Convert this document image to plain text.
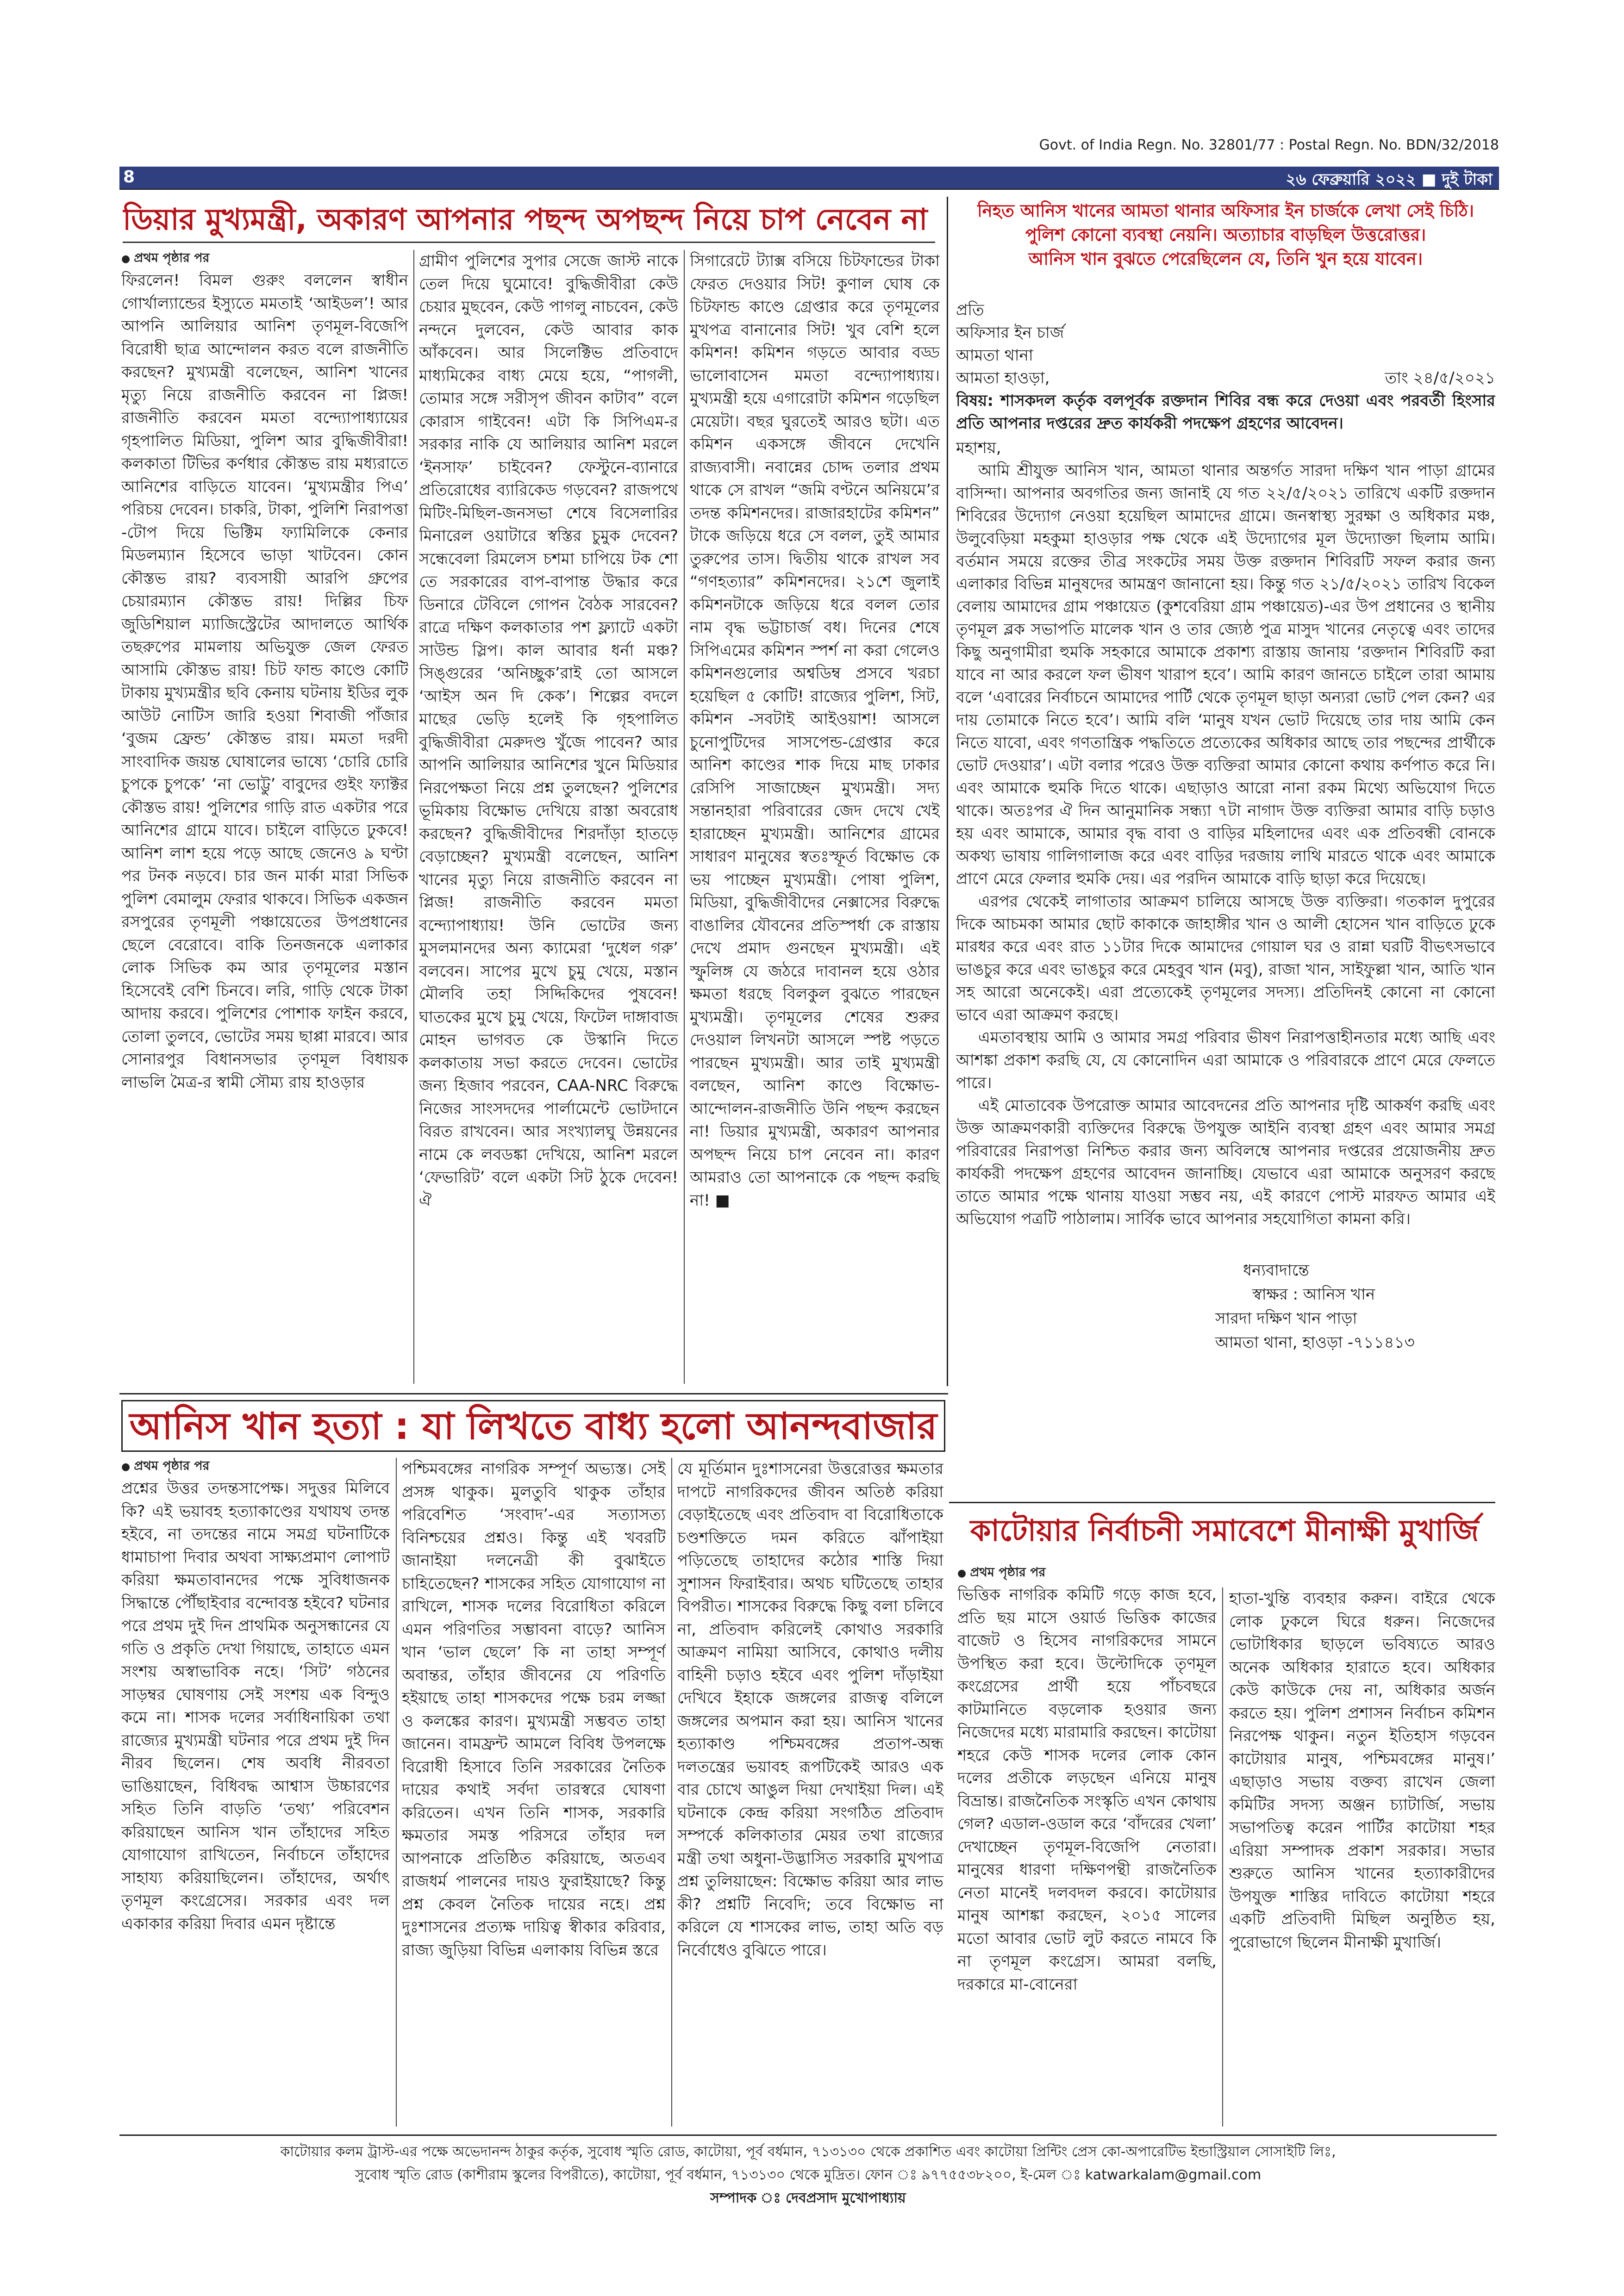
Govt. of India Regn. No. 32801/77 : Postal Regn. No. BDN/32/2018
8	২৬ ফেব্রুয়ারি ২০২২ ■ দুই টাকা
ডিয়ার মুখ্যমন্ত্রী, অকারণ আপনার পছন্দ অপছন্দ নিয়ে চাপ নেবেন না
● প্রথম পৃষ্ঠার পর

ফিরলেন! বিমল গুরুং বললেন স্বাধীন গোর্খাল্যান্ডের ইস্যুতে মমতাই ‘আইডল’! আর আপনি আলিয়ার আনিশ তৃণমূল-বিজেপি বিরোধী ছাত্র আন্দোলন করত বলে রাজনীতি করছেন? মুখ্যমন্ত্রী বলেছেন, আনিশ খানের মৃত্যু নিয়ে রাজনীতি করবেন না প্লিজ! রাজনীতি করবেন মমতা বন্দ্যোপাধ্যায়ের গৃহপালিত মিডিয়া, পুলিশ আর বুদ্ধিজীবীরা! কলকাতা টিভির কর্ণধার কৌস্তভ রায় মধ্যরাতে আনিশের বাড়িতে যাবেন। ‘মুখ্যমন্ত্রীর পিএ’ পরিচয় দেবেন। চাকরি, টাকা, পুলিশি নিরাপত্তা -টোপ দিয়ে ভিক্টিম ফ্যামিলিকে কেনার মিডলম্যান হিসেবে ভাড়া খাটবেন। কোন কৌস্তভ রায়? ব্যবসায়ী আরপি গ্রুপের চেয়ারম্যান কৌস্তভ রায়! দিল্লির চিফ জুডিশিয়াল ম্যাজিস্ট্রেটের আদালতে আর্থিক তছরুপের মামলায় অভিযুক্ত জেল ফেরত আসামি কৌস্তভ রায়! চিট ফান্ড কাণ্ডে কোটি টাকায় মুখ্যমন্ত্রীর ছবি কেনায় ঘটনায় ইডির লুক আউট নোটিস জারি হওয়া শিবাজী পাঁজার ‘বুজম ফ্রেন্ড’ কৌস্তভ রায়। মমতা দরদী সাংবাদিক জয়ন্ত ঘোষালের ভাষ্যে ‘চোরি চোরি চুপকে চুপকে’ ‘না ভোট্টু’ বাবুদের গুইং ফ্যাক্টর কৌস্তভ রায়! পুলিশের গাড়ি রাত একটার পরে আনিশের গ্রামে যাবে। চাইলে বাড়িতে ঢুকবে! আনিশ লাশ হয়ে পড়ে আছে জেনেও ৯ ঘণ্টা পর টনক নড়বে। চার জন মার্কা মারা সিভিক পুলিশ বেমালুম ফেরার থাকবে। সিভিক একজন রসপুরের তৃণমূলী পঞ্চায়েতের উপপ্রধানের ছেলে বেরোবে। বাকি তিনজনকে এলাকার লোক সিভিক কম আর তৃণমূলের মস্তান হিসেবেই বেশি চিনবে। লরি, গাড়ি থেকে টাকা আদায় করবে। পুলিশের পোশাক ফাইন করবে, তোলা তুলবে, ভোটের সময় ছাপ্পা মারবে। আর সোনারপুর বিধানসভার তৃণমূল বিধায়ক লাভলি মৈত্র-র স্বামী সৌম্য রায় হাওড়ার

গ্রামীণ পুলিশের সুপার সেজে জাস্ট নাকে তেল দিয়ে ঘুমোবে! বুদ্ধিজীবীরা কেউ চেয়ার মুছবেন, কেউ পাগলু নাচবেন, কেউ নন্দনে দুলবেন, কেউ আবার কাক আঁকবেন। আর সিলেক্টিভ প্রতিবাদে মাধ্যমিকের বাধ্য মেয়ে হয়ে, “পাগলী, তোমার সঙ্গে সরীসৃপ জীবন কাটাব” বলে কোরাস গাইবেন! এটা কি সিপিএম-র সরকার নাকি যে আলিয়ার আনিশ মরলে ‘ইনসাফ’ চাইবেন? ফেস্টুনে-ব্যানারে প্রতিরোধের ব্যারিকেড গড়বেন? রাজপথে মিটিং-মিছিল-জনসভা শেষে বিসেলারির মিনারেল ওয়াটারে স্বস্তির চুমুক দেবেন? সন্ধেবেলা রিমলেস চশমা চাপিয়ে টক শো তে সরকারের বাপ-বাপান্ত উদ্ধার করে ডিনারে টেবিলে গোপন বৈঠক সারবেন? রাত্রে দক্ষিণ কলকাতার পশ ফ্ল্যাটে একটা সাউন্ড স্লিপ। কাল আবার ধর্না মঞ্চ? সিঙ্গুরের ‘অনিচ্ছুক’রাই তো আসলে ‘আইস অন দি কেক’। শিল্পের বদলে মাছের ভেড়ি হলেই কি গৃহপালিত বুদ্ধিজীবীরা মেরুদণ্ড খুঁজে পাবেন? আর আপনি আলিয়ার আনিশের খুনে মিডিয়ার নিরপেক্ষতা নিয়ে প্রশ্ন তুলছেন? পুলিশের ভূমিকায় বিক্ষোভ দেখিয়ে রাস্তা অবরোধ করছেন? বুদ্ধিজীবীদের শিরদাঁড়া হাতড়ে বেড়াচ্ছেন? মুখ্যমন্ত্রী বলেছেন, আনিশ খানের মৃত্যু নিয়ে রাজনীতি করবেন না প্লিজ! রাজনীতি করবেন মমতা বন্দ্যোপাধ্যায়! উনি ভোটের জন্য মুসলমানদের অন্য ক্যামেরা ‘দুধেল গরু’ বলবেন। সাপের মুখে চুমু খেয়ে, মস্তান মৌলবি তহা সিদ্দিকিদের পুষবেন! ঘাতকের মুখে চুমু খেয়ে, ফিটেল দাঙ্গাবাজ মোহন ভাগবত কে উস্কানি দিতে কলকাতায় সভা করতে দেবেন। ভোটের জন্য হিজাব পরবেন, CAA-NRC বিরুদ্ধে নিজের সাংসদদের পার্লামেন্টে ভোটদানে বিরত রাখবেন। আর সংখ্যালঘু উন্নয়নের নামে কে লবডঙ্কা দেখিয়ে, আনিশ মরলে ‘ফেভারিট’ বলে একটা সিট ঠুকে দেবেন! ঐ

সিগারেটে ট্যাক্স বসিয়ে চিটফান্ডের টাকা ফেরত দেওয়ার সিট! কুণাল ঘোষ কে চিটফান্ড কাণ্ডে গ্রেপ্তার করে তৃণমূলের মুখপত্র বানানোর সিট! খুব বেশি হলে কমিশন! কমিশন গড়তে আবার বড্ড ভালোবাসেন মমতা বন্দ্যোপাধ্যায়। মুখ্যমন্ত্রী হয়ে এগারোটা কমিশন গড়েছিল মেয়েটা। বছর ঘুরতেই আরও ছটা। এত কমিশন একসঙ্গে জীবনে দেখেনি রাজ্যবাসী। নবান্নের চোদ্দ তলার প্রথম থাকে সে রাখল “জমি বণ্টনে অনিয়মে’র তদন্ত কমিশনদের। রাজারহাটের কমিশন” টাকে জড়িয়ে ধরে সে বলল, তুই আমার তুরুপের তাস। দ্বিতীয় থাকে রাখল সব “গণহত্যার” কমিশনদের। ২১শে জুলাই কমিশনটাকে জড়িয়ে ধরে বলল তোর নাম বৃদ্ধ ভট্টাচার্জ বধ। দিনের শেষে সিপিএমের কমিশন স্পর্শ না করা গেলেও কমিশনগুলোর অশ্বডিম্ব প্রসবে খরচা হয়েছিল ৫ কোটি! রাজ্যের পুলিশ, সিট, কমিশন -সবটাই আইওয়াশ! আসলে চুনোপুটিদের সাসপেন্ড-গ্রেপ্তার করে আনিশ কাণ্ডের শাক দিয়ে মাছ ঢাকার রেসিপি সাজাচ্ছেন মুখ্যমন্ত্রী। সদ্য সন্তানহারা পরিবারের জেদ দেখে খেই হারাচ্ছেন মুখ্যমন্ত্রী। আনিশের গ্রামের সাধারণ মানুষের স্বতঃস্ফূর্ত বিক্ষোভ কে ভয় পাচ্ছেন মুখ্যমন্ত্রী। পোষা পুলিশ, মিডিয়া, বুদ্ধিজীবীদের নেক্সাসের বিরুদ্ধে বাঙালির যৌবনের প্রতিস্পর্ধা কে রাস্তায় দেখে প্রমাদ গুনছেন মুখ্যমন্ত্রী। এই স্ফুলিঙ্গ যে জঠরে দাবানল হয়ে ওঠার ক্ষমতা ধরছে বিলকুল বুঝতে পারছেন মুখ্যমন্ত্রী। তৃণমূলের শেষের শুরুর দেওয়াল লিখনটা আসলে স্পষ্ট পড়তে পারছেন মুখ্যমন্ত্রী। আর তাই মুখ্যমন্ত্রী বলছেন, আনিশ কাণ্ডে বিক্ষোভ-আন্দোলন-রাজনীতি উনি পছন্দ করছেন না! ডিয়ার মুখ্যমন্ত্রী, অকারণ আপনার অপছন্দ নিয়ে চাপ নেবেন না। কারণ আমরাও তো আপনাকে কে পছন্দ করছি না! ■

নিহত আনিস খানের আমতা থানার অফিসার ইন চার্জকে লেখা সেই চিঠি।
পুলিশ কোনো ব্যবস্থা নেয়নি। অত্যাচার বাড়ছিল উত্তরোত্তর।
আনিস খান বুঝতে পেরেছিলেন যে, তিনি খুন হয়ে যাবেন।

প্রতি

অফিসার ইন চার্জ

আমতা থানা

আমতা হাওড়া,	তাং ২৪/৫/২০২১

বিষয়: শাসকদল কর্তৃক বলপূর্বক রক্তদান শিবির বন্ধ করে দেওয়া এবং পরবর্তী হিংসার প্রতি আপনার দপ্তরের দ্রুত কার্যকরী পদক্ষেপ গ্রহণের আবেদন।

মহাশয়,

আমি শ্রীযুক্ত আনিস খান, আমতা থানার অন্তর্গত সারদা দক্ষিণ খান পাড়া গ্রামের বাসিন্দা। আপনার অবগতির জন্য জানাই যে গত ২২/৫/২০২১ তারিখে একটি রক্তদান শিবিরের উদ্যোগ নেওয়া হয়েছিল আমাদের গ্রামে। জনস্বাস্থ্য সুরক্ষা ও অধিকার মঞ্চ, উলুবেড়িয়া মহকুমা হাওড়ার পক্ষ থেকে এই উদ্যোগের মূল উদ্যোক্তা ছিলাম আমি। বর্তমান সময়ে রক্তের তীব্র সংকটের সময় উক্ত রক্তদান শিবিরটি সফল করার জন্য এলাকার বিভিন্ন মানুষদের আমন্ত্রণ জানানো হয়। কিন্তু গত ২১/৫/২০২১ তারিখ বিকেল বেলায় আমাদের গ্রাম পঞ্চায়েত (কুশবেরিয়া গ্রাম পঞ্চায়েত)-এর উপ প্রধানের ও স্থানীয় তৃণমূল ব্লক সভাপতি মালেক খান ও তার জ্যেষ্ঠ পুত্র মাসুদ খানের নেতৃত্বে এবং তাদের কিছু অনুগামীরা হুমকি সহকারে আমাকে প্রকাশ্য রাস্তায় জানায় ‘রক্তদান শিবিরটি করা যাবে না আর করলে ফল ভীষণ খারাপ হবে’। আমি কারণ জানতে চাইলে তারা আমায় বলে ‘এবারের নির্বাচনে আমাদের পার্টি থেকে তৃণমূল ছাড়া অন্যরা ভোট পেল কেন? এর দায় তোমাকে নিতে হবে’। আমি বলি ‘মানুষ যখন ভোট দিয়েছে তার দায় আমি কেন নিতে যাবো, এবং গণতান্ত্রিক পদ্ধতিতে প্রত্যেকের অধিকার আছে তার পছন্দের প্রার্থীকে ভোট দেওয়ার’। এটা বলার পরেও উক্ত ব্যক্তিরা আমার কোনো কথায় কর্ণপাত করে নি। এবং আমাকে হুমকি দিতে থাকে। এছাড়াও আরো নানা রকম মিথ্যে অভিযোগ দিতে থাকে। অতঃপর ঐ দিন আনুমানিক সন্ধ্যা ৭টা নাগাদ উক্ত ব্যক্তিরা আমার বাড়ি চড়াও হয় এবং আমাকে, আমার বৃদ্ধ বাবা ও বাড়ির মহিলাদের এবং এক প্রতিবন্ধী বোনকে অকথ্য ভাষায় গালিগালাজ করে এবং বাড়ির দরজায় লাথি মারতে থাকে এবং আমাকে প্রাণে মেরে ফেলার হুমকি দেয়। এর পরদিন আমাকে বাড়ি ছাড়া করে দিয়েছে।

এরপর থেকেই লাগাতার আক্রমণ চালিয়ে আসছে উক্ত ব্যক্তিরা। গতকাল দুপুরের দিকে আচমকা আমার ছোট কাকাকে জাহাঙ্গীর খান ও আলী হোসেন খান বাড়িতে ঢুকে মারধর করে এবং রাত ১১টার দিকে আমাদের গোয়াল ঘর ও রান্না ঘরটি বীভৎসভাবে ভাঙচুর করে এবং ভাঙচুর করে মেহবুব খান (মবু), রাজা খান, সাইফুল্লা খান, আতি খান সহ আরো অনেকেই। এরা প্রত্যেকেই তৃণমূলের সদস্য। প্রতিদিনই কোনো না কোনো ভাবে এরা আক্রমণ করছে।

এমতাবস্থায় আমি ও আমার সমগ্র পরিবার ভীষণ নিরাপত্তাহীনতার মধ্যে আছি এবং আশঙ্কা প্রকাশ করছি যে, যে কোনোদিন এরা আমাকে ও পরিবারকে প্রাণে মেরে ফেলতে পারে।

এই মোতাবেক উপরোক্ত আমার আবেদনের প্রতি আপনার দৃষ্টি আকর্ষণ করছি এবং উক্ত আক্রমণকারী ব্যক্তিদের বিরুদ্ধে উপযুক্ত আইনি ব্যবস্থা গ্রহণ এবং আমার সমগ্র পরিবারের নিরাপত্তা নিশ্চিত করার জন্য অবিলম্বে আপনার দপ্তরের প্রয়োজনীয় দ্রুত কার্যকরী পদক্ষেপ গ্রহণের আবেদন জানাচ্ছি। যেভাবে এরা আমাকে অনুসরণ করছে তাতে আমার পক্ষে থানায় যাওয়া সম্ভব নয়, এই কারণে পোস্ট মারফত আমার এই অভিযোগ পত্রটি পাঠালাম। সার্বিক ভাবে আপনার সহযোগিতা কামনা করি।

ধন্যবাদান্তে
স্বাক্ষর : আনিস খান
সারদা দক্ষিণ খান পাড়া
আমতা থানা, হাওড়া -৭১১৪১৩
আনিস খান হত্যা : যা লিখতে বাধ্য হলো আনন্দবাজার
● প্রথম পৃষ্ঠার পর

প্রশ্নের উত্তর তদন্তসাপেক্ষ। সদুত্তর মিলিবে কি? এই ভয়াবহ হত্যাকাণ্ডের যথাযথ তদন্ত হইবে, না তদন্তের নামে সমগ্র ঘটনাটিকে ধামাচাপা দিবার অথবা সাক্ষ্যপ্রমাণ লোপাট করিয়া ক্ষমতাবানদের পক্ষে সুবিধাজনক সিদ্ধান্তে পৌঁছাইবার বন্দোবস্ত হইবে? ঘটনার পরে প্রথম দুই দিন প্রাথমিক অনুসন্ধানের যে গতি ও প্রকৃতি দেখা গিয়াছে, তাহাতে এমন সংশয় অস্বাভাবিক নহে। ‘সিট’ গঠনের সাড়ম্বর ঘোষণায় সেই সংশয় এক বিন্দুও কমে না। শাসক দলের সর্বাধিনায়িকা তথা রাজ্যের মুখ্যমন্ত্রী ঘটনার পরে প্রথম দুই দিন নীরব ছিলেন। শেষ অবধি নীরবতা ভাঙিয়াছেন, বিধিবদ্ধ আশ্বাস উচ্চারণের সহিত তিনি বাড়তি ‘তথ্য’ পরিবেশন করিয়াছেন আনিস খান তাঁহাদের সহিত যোগাযোগ রাখিতেন, নির্বাচনে তাঁহাদের সাহায্য করিয়াছিলেন। তাঁহাদের, অর্থাৎ তৃণমূল কংগ্রেসের। সরকার এবং দল একাকার করিয়া দিবার এমন দৃষ্টান্তে

পশ্চিমবঙ্গের নাগরিক সম্পূর্ণ অভ্যস্ত। সেই প্রসঙ্গ থাকুক। মুলতুবি থাকুক তাঁহার পরিবেশিত ‘সংবাদ’-এর সত্যাসত্য বিনিশ্চয়ের প্রশ্নও। কিন্তু এই খবরটি জানাইয়া দলনেত্রী কী বুঝাইতে চাহিতেছেন? শাসকের সহিত যোগাযোগ না রাখিলে, শাসক দলের বিরোধিতা করিলে এমন পরিণতির সম্ভাবনা বাড়ে? আনিস খান ‘ভাল ছেলে’ কি না তাহা সম্পূর্ণ অবান্তর, তাঁহার জীবনের যে পরিণতি হইয়াছে তাহা শাসকদের পক্ষে চরম লজ্জা ও কলঙ্কের কারণ। মুখ্যমন্ত্রী সম্ভবত তাহা জানেন। বামফ্রন্ট আমলে বিবিধ উপলক্ষে বিরোধী হিসাবে তিনি সরকারের নৈতিক দায়ের কথাই সর্বদা তারস্বরে ঘোষণা করিতেন। এখন তিনি শাসক, সরকারি ক্ষমতার সমস্ত পরিসরে তাঁহার দল আপনাকে প্রতিষ্ঠিত করিয়াছে, অতএব রাজধর্ম পালনের দায়ও ফুরাইয়াছে? কিন্তু প্রশ্ন কেবল নৈতিক দায়ের নহে। প্রশ্ন দুঃশাসনের প্রত্যক্ষ দায়িত্ব স্বীকার করিবার, রাজ্য জুড়িয়া বিভিন্ন এলাকায় বিভিন্ন স্তরে

যে মূর্তিমান দুঃশাসনেরা উত্তরোত্তর ক্ষমতার দাপটে নাগরিকদের জীবন অতিষ্ঠ করিয়া বেড়াইতেছে এবং প্রতিবাদ বা বিরোধিতাকে চণ্ডশক্তিতে দমন করিতে ঝাঁপাইয়া পড়িতেছে তাহাদের কঠোর শাস্তি দিয়া সুশাসন ফিরাইবার। অথচ ঘটিতেছে তাহার বিপরীত। শাসকের বিরুদ্ধে কিছু বলা চলিবে না, প্রতিবাদ করিলেই কোথাও সরকারি আক্রমণ নামিয়া আসিবে, কোথাও দলীয় বাহিনী চড়াও হইবে এবং পুলিশ দাঁড়াইয়া দেখিবে ইহাকে জঙ্গলের রাজত্ব বলিলে জঙ্গলের অপমান করা হয়। আনিস খানের হত্যাকাণ্ড পশ্চিমবঙ্গের প্রতাপ-অন্ধ দলতন্ত্রের ভয়াবহ রূপটিকেই আরও এক বার চোখে আঙুল দিয়া দেখাইয়া দিল। এই ঘটনাকে কেন্দ্র করিয়া সংগঠিত প্রতিবাদ সম্পর্কে কলিকাতার মেয়র তথা রাজ্যের মন্ত্রী তথা অধুনা-উদ্ভাসিত সরকারি মুখপাত্র প্রশ্ন তুলিয়াছেন: বিক্ষোভ করিয়া আর লাভ কী? প্রশ্নটি নিবেদি; তবে বিক্ষোভ না করিলে যে শাসকের লাভ, তাহা অতি বড় নির্বোধেও বুঝিতে পারে।

কাটোয়ার নির্বাচনী সমাবেশে মীনাক্ষী মুখার্জি
● প্রথম পৃষ্ঠার পর

ভিত্তিক নাগরিক কমিটি গড়ে কাজ হবে, প্রতি ছয় মাসে ওয়ার্ড ভিত্তিক কাজের বাজেট ও হিসেব নাগরিকদের সামনে উপস্থিত করা হবে। উল্টোদিকে তৃণমূল কংগ্রেসের প্রার্থী হয়ে পাঁচবছরে কাটমানিতে বড়লোক হওয়ার জন্য নিজেদের মধ্যে মারামারি করছেন। কাটোয়া শহরে কেউ শাসক দলের লোক কোন দলের প্রতীকে লড়ছেন এনিয়ে মানুষ বিভ্রান্ত। রাজনৈতিক সংস্কৃতি এখন কোথায় গেল? এডাল-ওডাল করে ‘বাঁদরের খেলা’ দেখাচ্ছেন তৃণমূল-বিজেপি নেতারা। মানুষের ধারণা দক্ষিণপন্থী রাজনৈতিক নেতা মানেই দলবদল করবে। কাটোয়ার মানুষ আশঙ্কা করছেন, ২০১৫ সালের মতো আবার ভোট লুট করতে নামবে কি না তৃণমূল কংগ্রেস। আমরা বলছি, দরকারে মা-বোনেরা

হাতা-খুন্তি ব্যবহার করুন। বাইরে থেকে লোক ঢুকলে ঘিরে ধরুন। নিজেদের ভোটাধিকার ছাড়লে ভবিষ্যতে আরও অনেক অধিকার হারাতে হবে। অধিকার কেউ কাউকে দেয় না, অধিকার অর্জন করতে হয়। পুলিশ প্রশাসন নির্বাচন কমিশন নিরপেক্ষ থাকুন। নতুন ইতিহাস গড়বেন কাটোয়ার মানুষ, পশ্চিমবঙ্গের মানুষ।’ এছাড়াও সভায় বক্তব্য রাখেন জেলা কমিটির সদস্য অঞ্জন চ্যাটার্জি, সভায় সভাপতিত্ব করেন পার্টির কাটোয়া শহর এরিয়া সম্পাদক প্রকাশ সরকার। সভার শুরুতে আনিস খানের হত্যাকারীদের উপযুক্ত শাস্তির দাবিতে কাটোয়া শহরে একটি প্রতিবাদী মিছিল অনুষ্ঠিত হয়, পুরোভাগে ছিলেন মীনাক্ষী মুখার্জি।

কাটোয়ার কলম ট্রাস্ট-এর পক্ষে অভেদানন্দ ঠাকুর কর্তৃক, সুবোধ স্মৃতি রোড, কাটোয়া, পূর্ব বর্ধমান, ৭১৩১৩০ থেকে প্রকাশিত এবং কাটোয়া প্রিন্টিং প্রেস কো-অপারেটিভ ইন্ডাস্ট্রিয়াল সোসাইটি লিঃ,
সুবোধ স্মৃতি রোড (কাশীরাম স্কুলের বিপরীতে), কাটোয়া, পূর্ব বর্ধমান, ৭১৩১৩০ থেকে মুদ্রিত। ফোন ঃ ৯৭৭৫৫৩৮২০০, ই-মেল ঃ katwarkalam@gmail.com
সম্পাদক ঃ দেবপ্রসাদ মুখোপাধ্যায়
